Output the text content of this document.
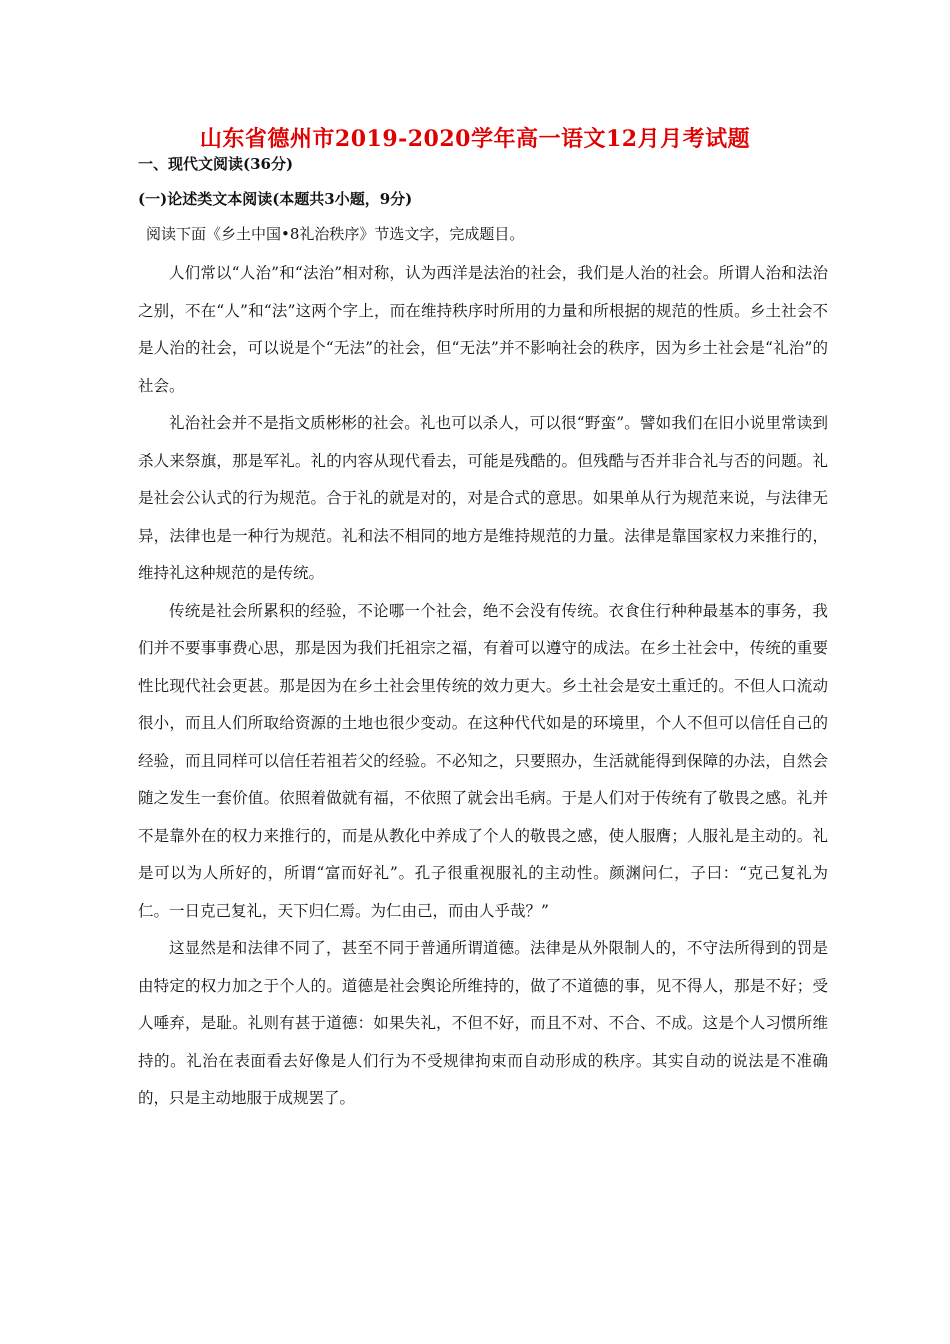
山东省德州市2019-2020学年高一语文12月月考试题
一、现代文阅读(36分)
(一)论述类文本阅读(本题共3小题，9分)
阅读下面《乡土中国•8礼治秩序》节选文字，完成题目。

人们常以“人治”和“法治”相对称，认为西洋是法治的社会，我们是人治的社会。所谓人治和法治之别，不在“人”和“法”这两个字上，而在维持秩序时所用的力量和所根据的规范的性质。乡土社会不是人治的社会，可以说是个“无法”的社会，但“无法”并不影响社会的秩序，因为乡土社会是“礼治”的社会。

礼治社会并不是指文质彬彬的社会。礼也可以杀人，可以很“野蛮”。譬如我们在旧小说里常读到杀人来祭旗，那是军礼。礼的内容从现代看去，可能是残酷的。但残酷与否并非合礼与否的问题。礼是社会公认式的行为规范。合于礼的就是对的，对是合式的意思。如果单从行为规范来说，与法律无异，法律也是一种行为规范。礼和法不相同的地方是维持规范的力量。法律是靠国家权力来推行的，维持礼这种规范的是传统。

传统是社会所累积的经验，不论哪一个社会，绝不会没有传统。衣食住行种种最基本的事务，我们并不要事事费心思，那是因为我们托祖宗之福，有着可以遵守的成法。在乡土社会中，传统的重要性比现代社会更甚。那是因为在乡土社会里传统的效力更大。乡土社会是安土重迁的。不但人口流动很小，而且人们所取给资源的土地也很少变动。在这种代代如是的环境里，个人不但可以信任自己的经验，而且同样可以信任若祖若父的经验。不必知之，只要照办，生活就能得到保障的办法，自然会随之发生一套价值。依照着做就有福，不依照了就会出毛病。于是人们对于传统有了敬畏之感。礼并不是靠外在的权力来推行的，而是从教化中养成了个人的敬畏之感，使人服膺；人服礼是主动的。礼是可以为人所好的，所谓“富而好礼”。孔子很重视服礼的主动性。颜渊问仁，子曰：“克己复礼为仁。一日克己复礼，天下归仁焉。为仁由己，而由人乎哉？”

这显然是和法律不同了，甚至不同于普通所谓道德。法律是从外限制人的，不守法所得到的罚是由特定的权力加之于个人的。道德是社会舆论所维持的，做了不道德的事，见不得人，那是不好；受人唾弃，是耻。礼则有甚于道德：如果失礼，不但不好，而且不对、不合、不成。这是个人习惯所维持的。礼治在表面看去好像是人们行为不受规律拘束而自动形成的秩序。其实自动的说法是不准确的，只是主动地服于成规罢了。
